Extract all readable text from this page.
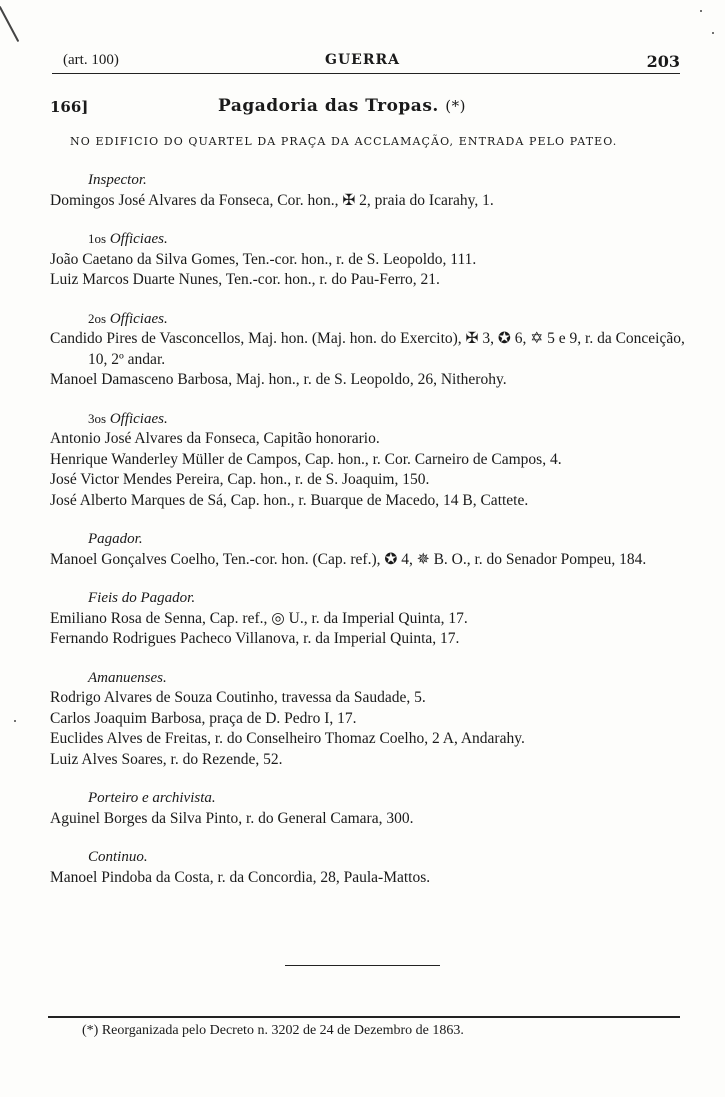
(art. 100)	GUERRA	203
166]	Pagadoria das Tropas. (*)
NO EDIFICIO DO QUARTEL DA PRAÇA DA ACCLAMAÇÃO, ENTRADA PELO PATEO.
Inspector.
Domingos José Alvares da Fonseca, Cor. hon., ✠ 2, praia do Icarahy, 1.
1os Officiaes.
João Caetano da Silva Gomes, Ten.-cor. hon., r. de S. Leopoldo, 111.
Luiz Marcos Duarte Nunes, Ten.-cor. hon., r. do Pau-Ferro, 21.
2os Officiaes.
Candido Pires de Vasconcellos, Maj. hon. (Maj. hon. do Exercito), ✠ 3, ✪ 6, ✡ 5 e 9, r. da Conceição, 10, 2º andar.
Manoel Damasceno Barbosa, Maj. hon., r. de S. Leopoldo, 26, Nitherohy.
3os Officiaes.
Antonio José Alvares da Fonseca, Capitão honorario.
Henrique Wanderley Müller de Campos, Cap. hon., r. Cor. Carneiro de Campos, 4.
José Victor Mendes Pereira, Cap. hon., r. de S. Joaquim, 150.
José Alberto Marques de Sá, Cap. hon., r. Buarque de Macedo, 14 B, Cattete.
Pagador.
Manoel Gonçalves Coelho, Ten.-cor. hon. (Cap. ref.), ✪ 4, ✵ B. O., r. do Senador Pompeu, 184.
Fieis do Pagador.
Emiliano Rosa de Senna, Cap. ref., ◎ U., r. da Imperial Quinta, 17.
Fernando Rodrigues Pacheco Villanova, r. da Imperial Quinta, 17.
Amanuenses.
Rodrigo Alvares de Souza Coutinho, travessa da Saudade, 5.
Carlos Joaquim Barbosa, praça de D. Pedro I, 17.
Euclides Alves de Freitas, r. do Conselheiro Thomaz Coelho, 2 A, Andarahy.
Luiz Alves Soares, r. do Rezende, 52.
Porteiro e archivista.
Aguinel Borges da Silva Pinto, r. do General Camara, 300.
Continuo.
Manoel Pindoba da Costa, r. da Concordia, 28, Paula-Mattos.
(*) Reorganizada pelo Decreto n. 3202 de 24 de Dezembro de 1863.
